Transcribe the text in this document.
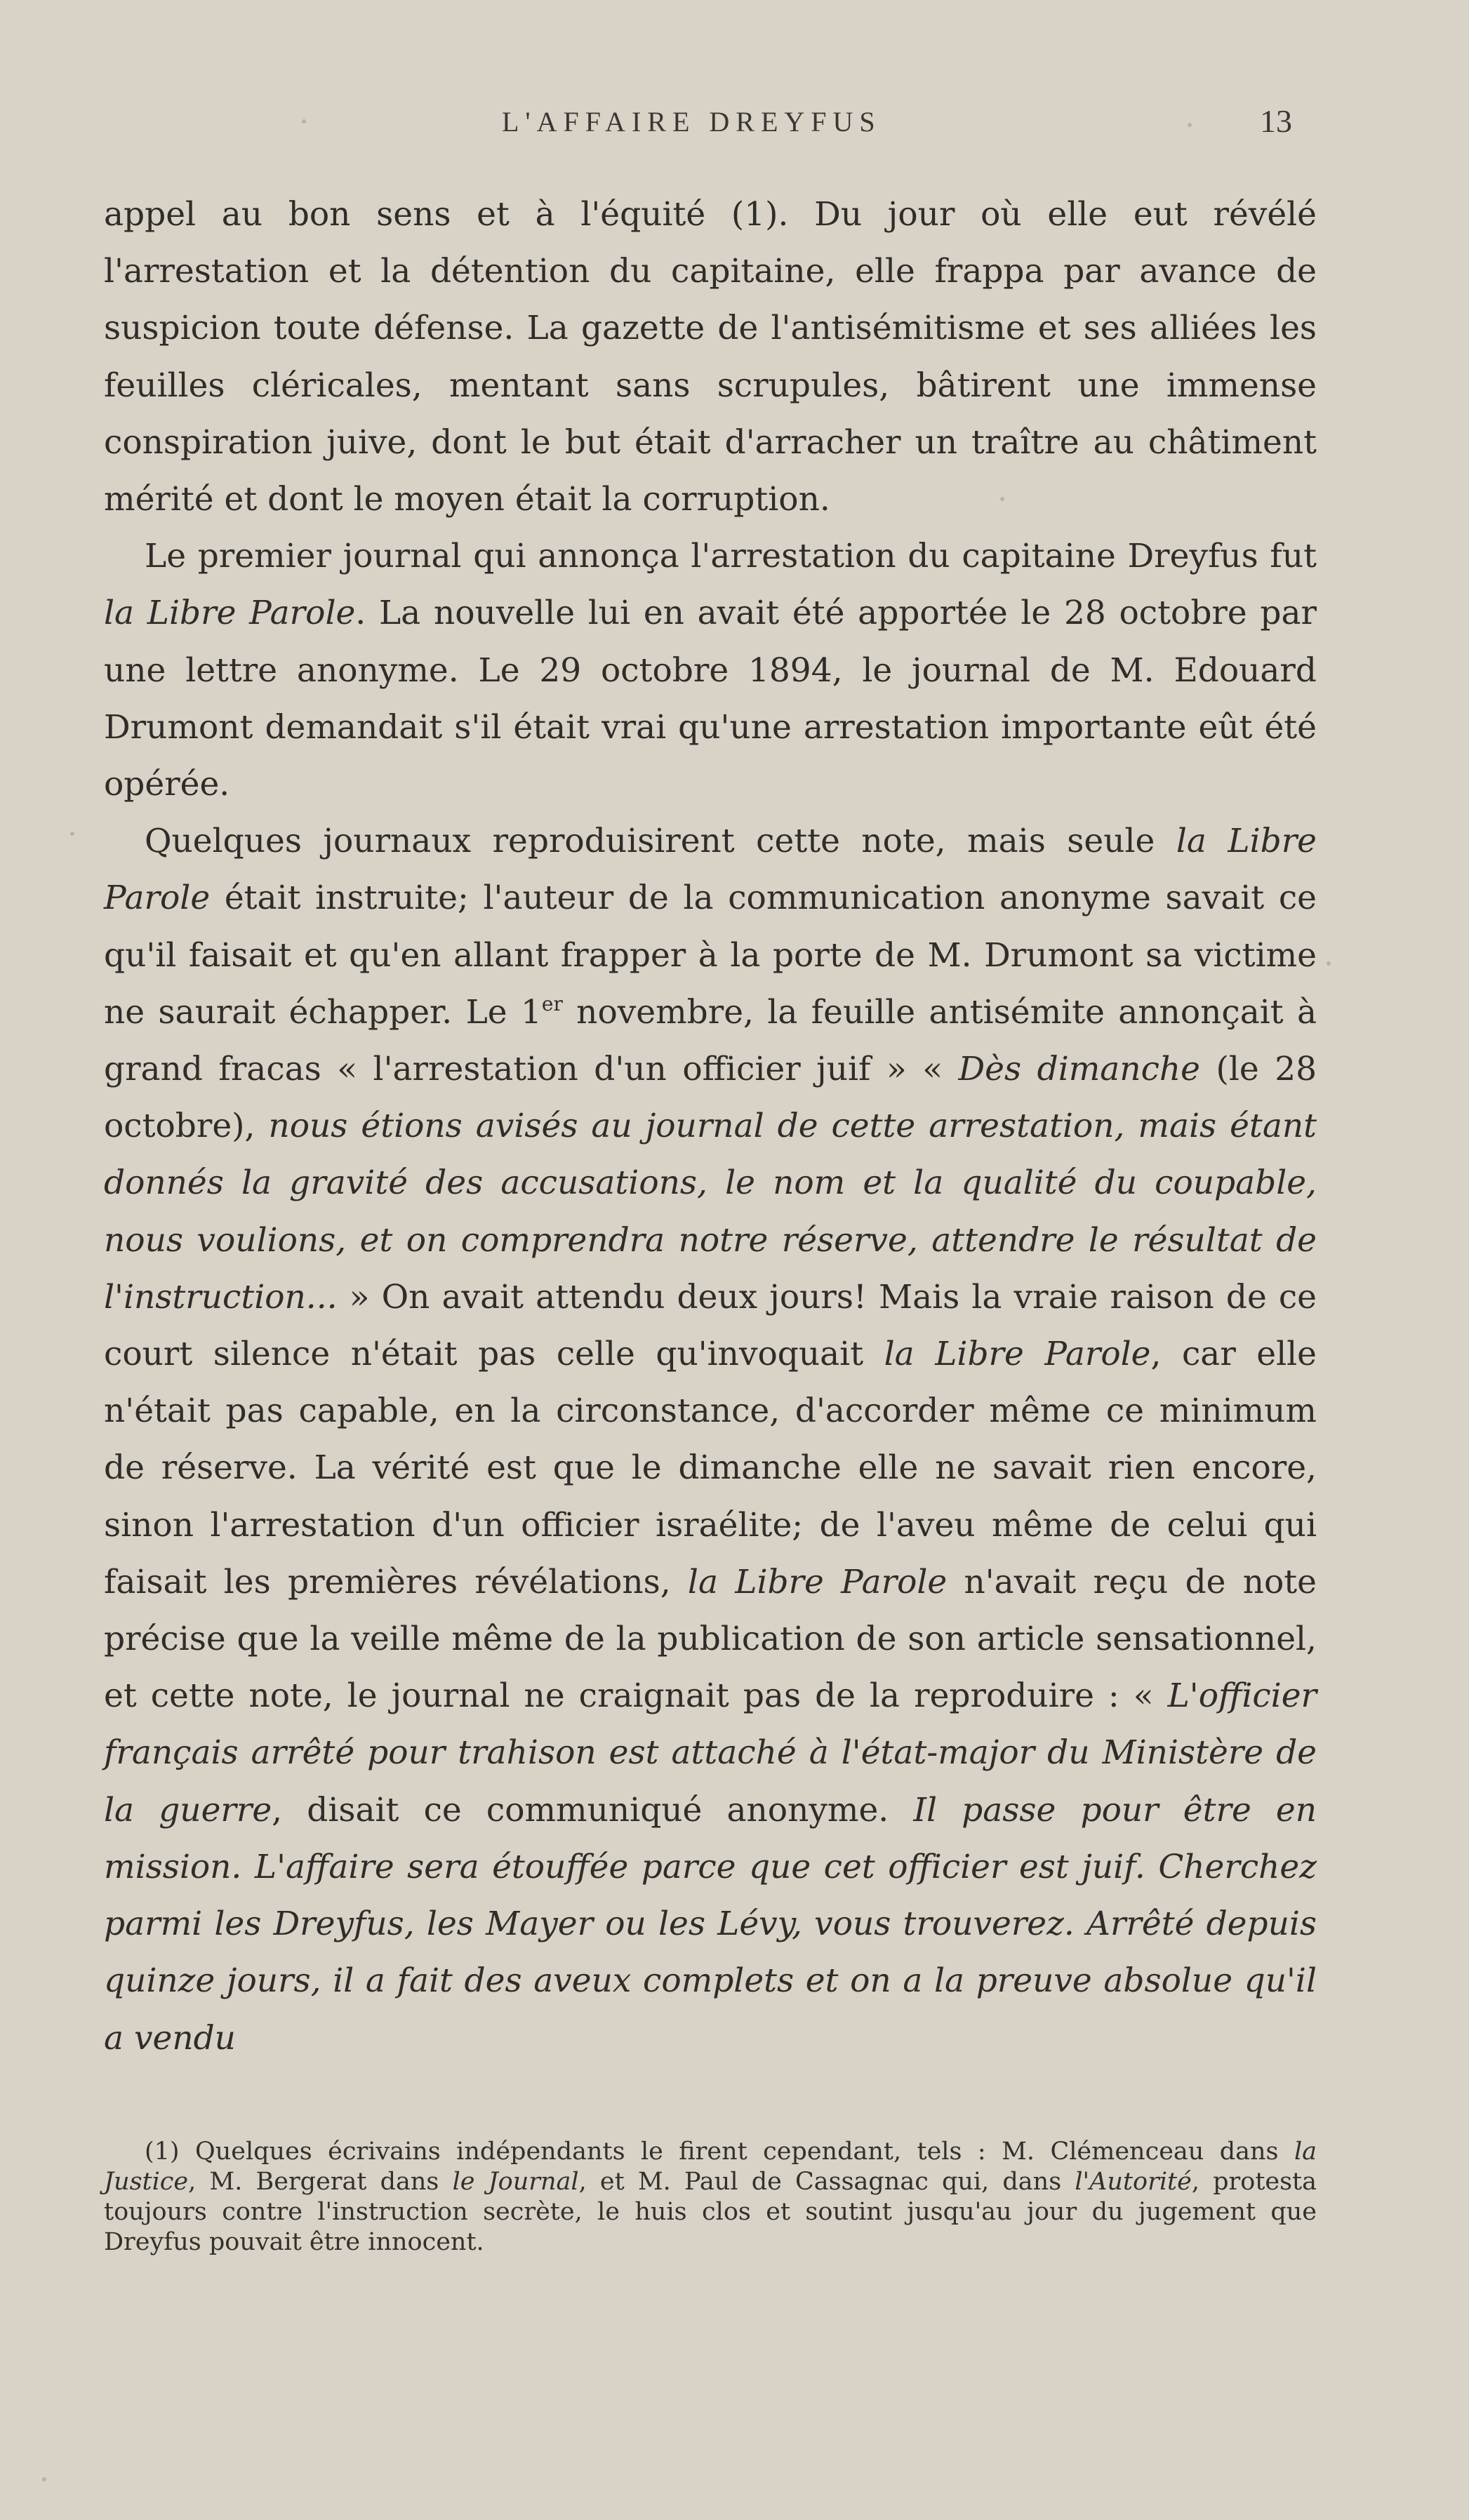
L'AFFAIRE DREYFUS	13

appel au bon sens et à l'équité (1). Du jour où elle eut révélé l'arrestation et la détention du capitaine, elle frappa par avance de suspicion toute défense. La gazette de l'antisémitisme et ses alliées les feuilles cléricales, mentant sans scrupules, bâtirent une immense conspiration juive, dont le but était d'arracher un traître au châtiment mérité et dont le moyen était la corruption.

Le premier journal qui annonça l'arrestation du capitaine Dreyfus fut la Libre Parole. La nouvelle lui en avait été apportée le 28 octobre par une lettre anonyme. Le 29 octobre 1894, le journal de M. Edouard Drumont demandait s'il était vrai qu'une arrestation importante eût été opérée.

Quelques journaux reproduisirent cette note, mais seule la Libre Parole était instruite; l'auteur de la communication anonyme savait ce qu'il faisait et qu'en allant frapper à la porte de M. Drumont sa victime ne saurait échapper. Le 1er novembre, la feuille antisémite annonçait à grand fracas « l'arrestation d'un officier juif » « Dès dimanche (le 28 octobre), nous étions avisés au journal de cette arrestation, mais étant donnés la gravité des accusations, le nom et la qualité du coupable, nous voulions, et on comprendra notre réserve, attendre le résultat de l'instruction... » On avait attendu deux jours! Mais la vraie raison de ce court silence n'était pas celle qu'invoquait la Libre Parole, car elle n'était pas capable, en la circonstance, d'accorder même ce minimum de réserve. La vérité est que le dimanche elle ne savait rien encore, sinon l'arrestation d'un officier israélite; de l'aveu même de celui qui faisait les premières révélations, la Libre Parole n'avait reçu de note précise que la veille même de la publication de son article sensationnel, et cette note, le journal ne craignait pas de la reproduire : « L'officier français arrêté pour trahison est attaché à l'état-major du Ministère de la guerre, disait ce communiqué anonyme. Il passe pour être en mission. L'affaire sera étouffée parce que cet officier est juif. Cherchez parmi les Dreyfus, les Mayer ou les Lévy, vous trouverez. Arrêté depuis quinze jours, il a fait des aveux complets et on a la preuve absolue qu'il a vendu

(1) Quelques écrivains indépendants le firent cependant, tels : M. Clémenceau dans la Justice, M. Bergerat dans le Journal, et M. Paul de Cassagnac qui, dans l'Autorité, protesta toujours contre l'instruction secrète, le huis clos et soutint jusqu'au jour du jugement que Dreyfus pouvait être innocent.
